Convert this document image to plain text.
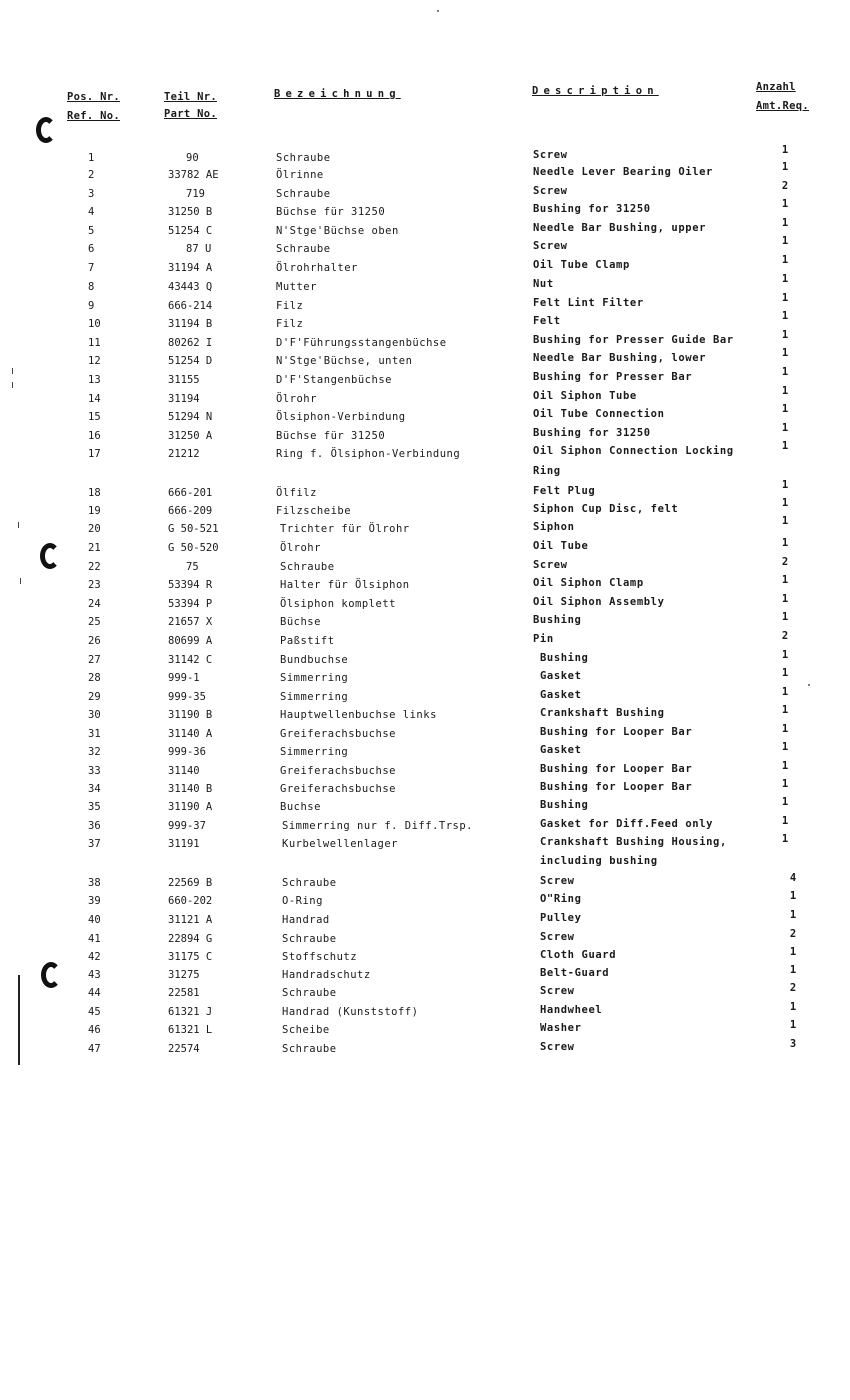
Pos. Nr.
Ref. No.
Teil Nr.
Part No.
Bezeichnung	Description	Anzahl
Amt.Req.
1	90	Schraube	Screw	1
2	33782 AE	Ölrinne	Needle Lever Bearing Oiler	1
3	719	Schraube	Screw	2
4	31250 B	Büchse für 31250	Bushing for 31250	1
5	51254 C	N'Stge'Büchse oben	Needle Bar Bushing, upper	1
6	87 U	Schraube	Screw	1
7	31194 A	Ölrohrhalter	Oil Tube Clamp	1
8	43443 Q	Mutter	Nut	1
9	666-214	Filz	Felt Lint Filter	1
10	31194 B	Filz	Felt	1
11	80262 I	D'F'Führungsstangenbüchse	Bushing for Presser Guide Bar	1
12	51254 D	N'Stge'Büchse, unten	Needle Bar Bushing, lower	1
13	31155	D'F'Stangenbüchse	Bushing for Presser Bar	1
14	31194	Ölrohr	Oil Siphon Tube	1
15	51294 N	Ölsiphon-Verbindung	Oil Tube Connection	1
16	31250 A	Büchse für 31250	Bushing for 31250	1
17	21212	Ring f. Ölsiphon-Verbindung	Oil Siphon Connection Locking	1
Ring
18	666-201	Ölfilz	Felt Plug	1
19	666-209	Filzscheibe	Siphon Cup Disc, felt	1
20	G 50-521	Trichter für Ölrohr	Siphon	1
21	G 50-520	Ölrohr	Oil Tube	1
22	75	Schraube	Screw	2
23	53394 R	Halter für Ölsiphon	Oil Siphon Clamp	1
24	53394 P	Ölsiphon komplett	Oil Siphon Assembly	1
25	21657 X	Büchse	Bushing	1
26	80699 A	Paßstift	Pin	2
27	31142 C	Bundbuchse	Bushing	1
28	999-1	Simmerring	Gasket	1
29	999-35	Simmerring	Gasket	1
30	31190 B	Hauptwellenbuchse links	Crankshaft Bushing	1
31	31140 A	Greiferachsbuchse	Bushing for Looper Bar	1
32	999-36	Simmerring	Gasket	1
33	31140	Greiferachsbuchse	Bushing for Looper Bar	1
34	31140 B	Greiferachsbuchse	Bushing for Looper Bar	1
35	31190 A	Buchse	Bushing	1
36	999-37	Simmerring nur f. Diff.Trsp.	Gasket for Diff.Feed only	1
37	31191	Kurbelwellenlager	Crankshaft Bushing Housing,	1
including bushing
38	22569 B	Schraube	Screw	4
39	660-202	O-Ring	O"Ring	1
40	31121 A	Handrad	Pulley	1
41	22894 G	Schraube	Screw	2
42	31175 C	Stoffschutz	Cloth Guard	1
43	31275	Handradschutz	Belt-Guard	1
44	22581	Schraube	Screw	2
45	61321 J	Handrad (Kunststoff)	Handwheel	1
46	61321 L	Scheibe	Washer	1
47	22574	Schraube	Screw	3
